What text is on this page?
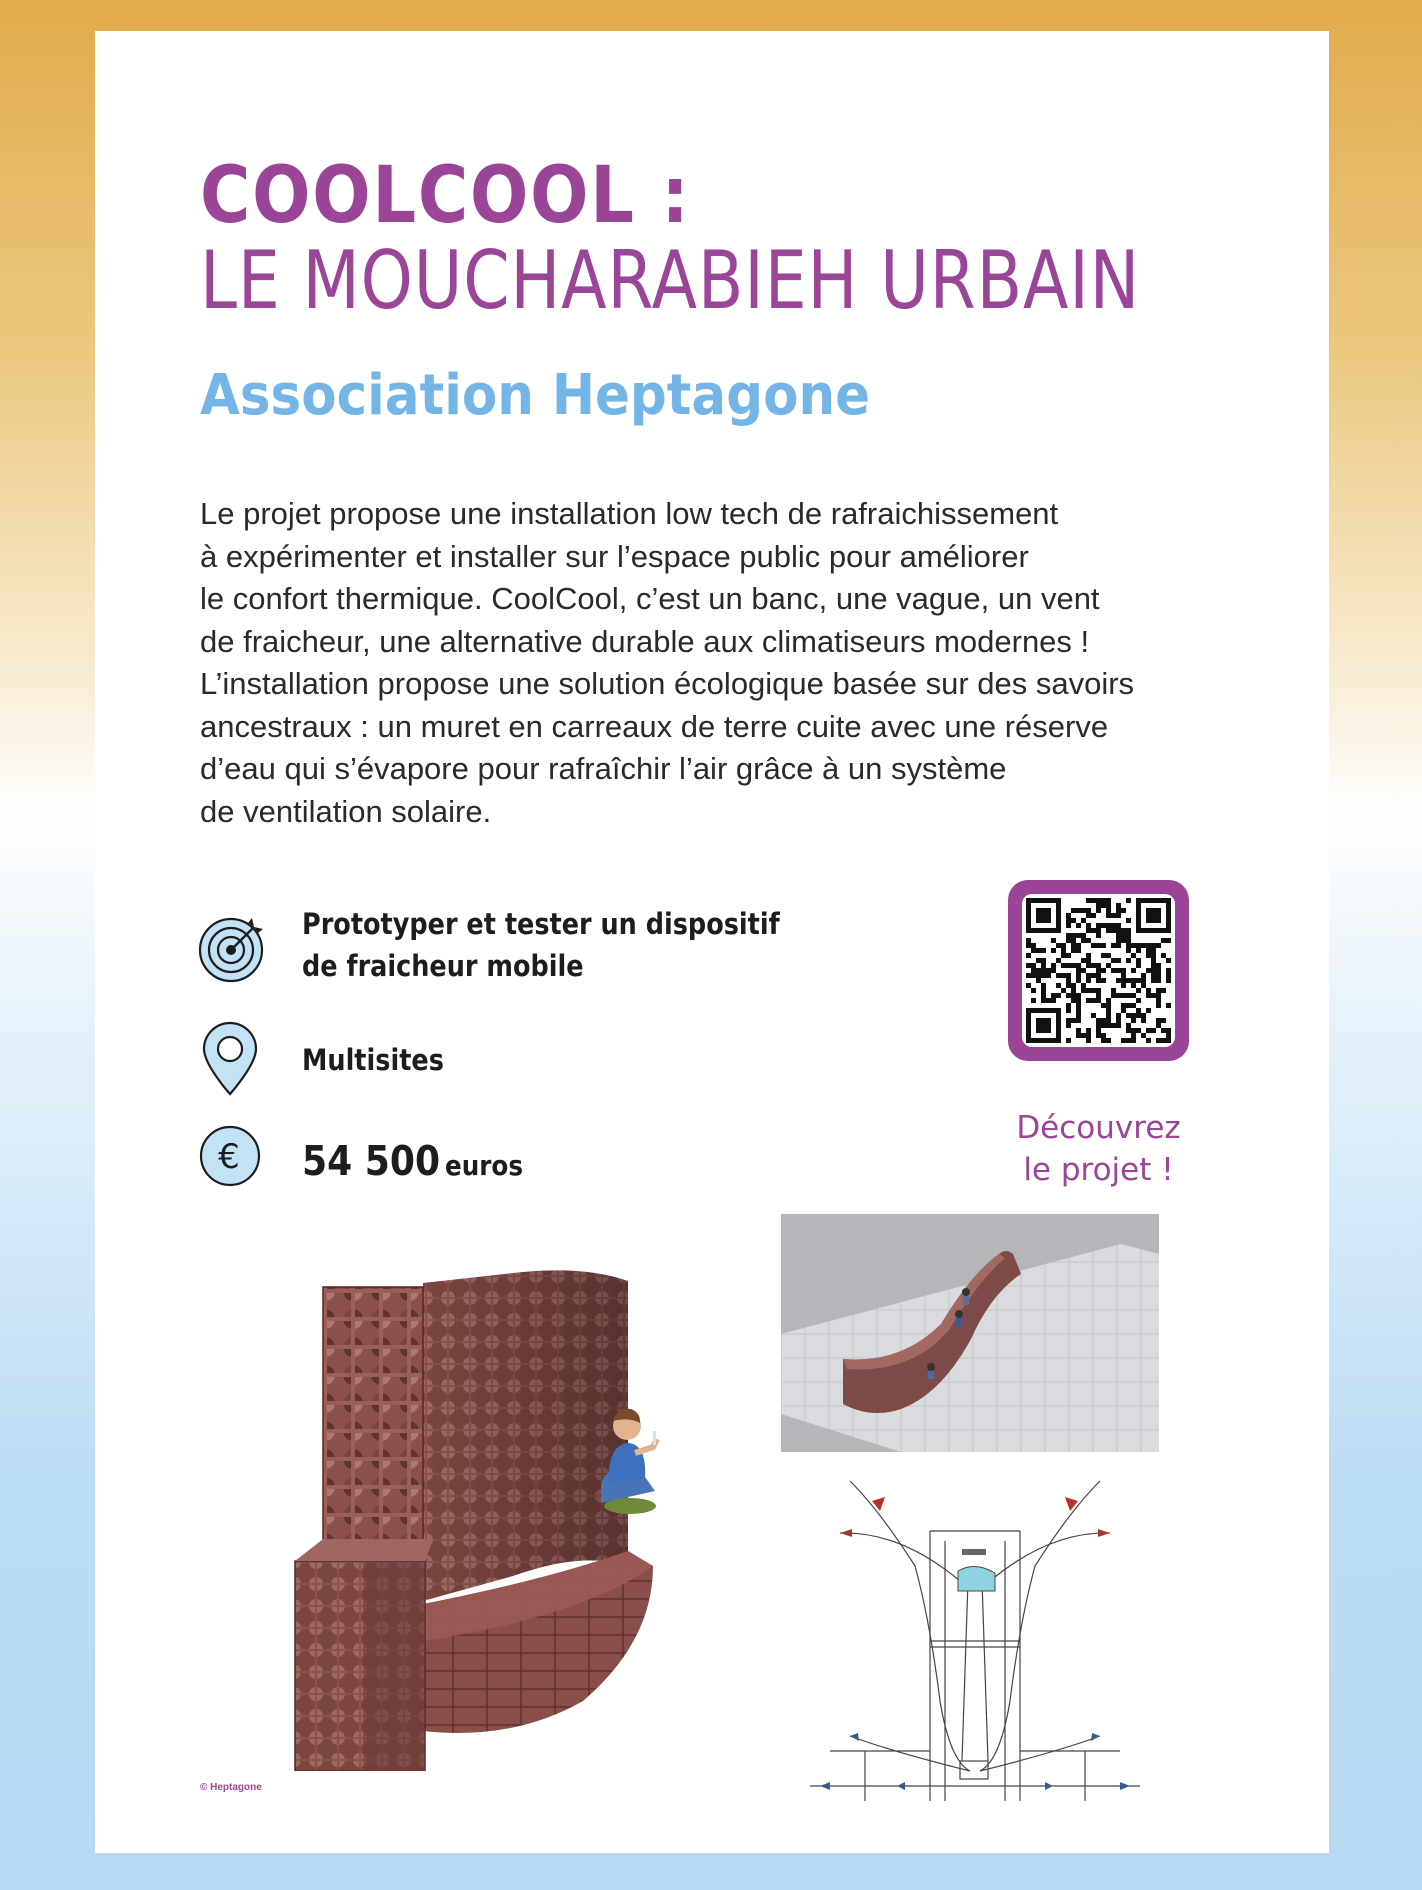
COOLCOOL :
LE MOUCHARABIEH URBAIN
Association Heptagone

Le projet propose une installation low tech de rafraichissement
à expérimenter et installer sur l’espace public pour améliorer
le confort thermique. CoolCool, c’est un banc, une vague, un vent
de fraicheur, une alternative durable aux climatiseurs modernes !
L’installation propose une solution écologique basée sur des savoirs
ancestraux : un muret en carreaux de terre cuite avec une réserve
d’eau qui s’évapore pour rafraîchir l’air grâce à un système
de ventilation solaire.

€
Prototyper et tester un dispositif
de fraicheur mobile
Multisites
54 500 euros
Découvrez
le projet !
© Heptagone
